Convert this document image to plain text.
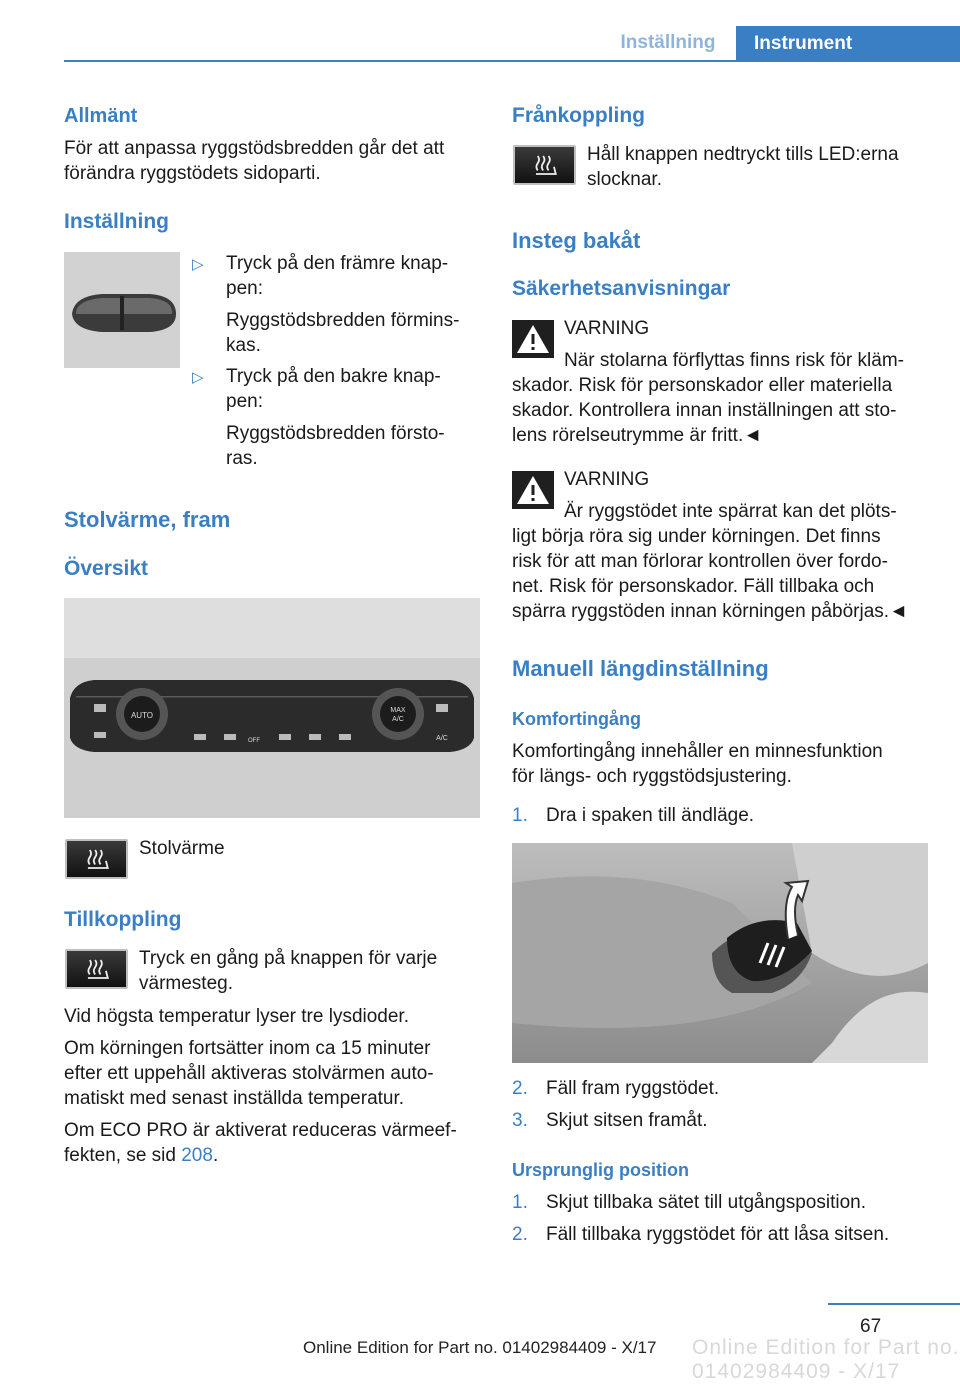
Inställning	Instrument
Allmänt
För att anpassa ryggstödsbredden går det att
förändra ryggstödets sidoparti.
Inställning
▷ Tryck på den främre knap-
pen:
Ryggstödsbredden förmins-
kas.
▷ Tryck på den bakre knap-
pen:
Ryggstödsbredden försto-
ras.
Stolvärme, fram
Översikt
AUTO
MAX
A/C
OFF	A/C
Stolvärme
Tillkoppling
Tryck en gång på knappen för varje
värmesteg.
Vid högsta temperatur lyser tre lysdioder.
Om körningen fortsätter inom ca 15 minuter
efter ett uppehåll aktiveras stolvärmen auto-
matiskt med senast inställda temperatur.
Om ECO PRO är aktiverat reduceras värmeef-
fekten, se sid 208.
Frånkoppling
Håll knappen nedtryckt tills LED:erna
slocknar.
Insteg bakåt
Säkerhetsanvisningar
VARNING
När stolarna förflyttas finns risk för kläm-
skador. Risk för personskador eller materiella
skador. Kontrollera innan inställningen att sto-
lens rörelseutrymme är fritt.◄
VARNING
Är ryggstödet inte spärrat kan det plöts-
ligt börja röra sig under körningen. Det finns
risk för att man förlorar kontrollen över fordo-
net. Risk för personskador. Fäll tillbaka och
spärra ryggstöden innan körningen påbörjas.◄
Manuell längdinställning
Komfortingång
Komfortingång innehåller en minnesfunktion
för längs- och ryggstödsjustering.
1. Dra i spaken till ändläge.
2. Fäll fram ryggstödet.
3. Skjut sitsen framåt.
Ursprunglig position
1. Skjut tillbaka sätet till utgångsposition.
2. Fäll tillbaka ryggstödet för att låsa sitsen.
67
Online Edition for Part no. 01402984409 - X/17
Online Edition for Part no. 01402984409 - X/17
